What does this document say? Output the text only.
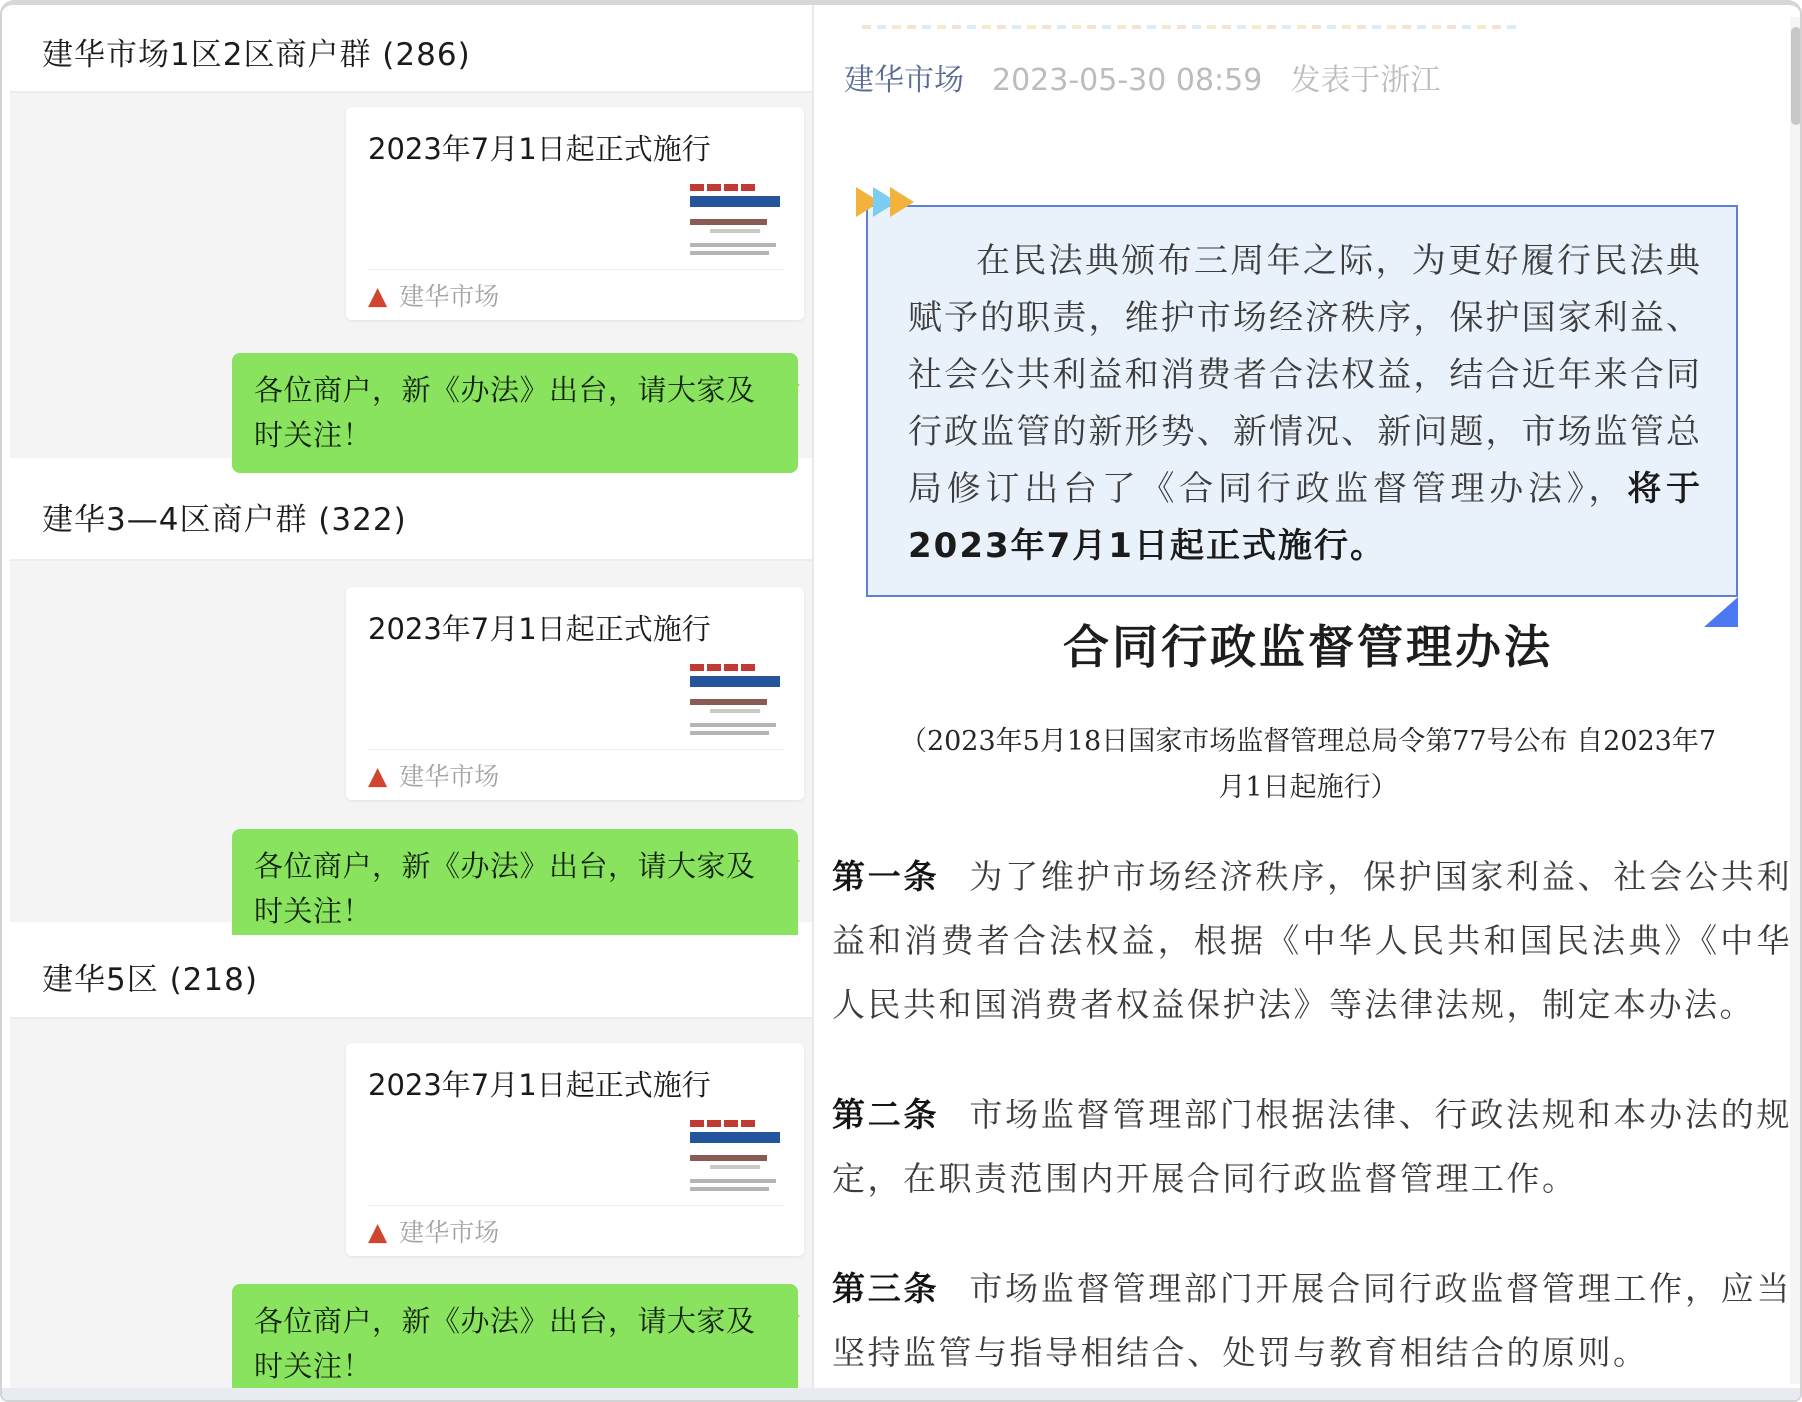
建华市场1区2区商户群 (286)
2023年7月1日起正式施行
▲ 建华市场
各位商户，新《办法》出台，请大家及时关注！
建华3—4区商户群 (322)
2023年7月1日起正式施行
▲ 建华市场
各位商户，新《办法》出台，请大家及时关注！
建华5区 (218)
2023年7月1日起正式施行
▲ 建华市场
各位商户，新《办法》出台，请大家及时关注！
建华市场 2023-05-30 08:59 发表于浙江

在民法典颁布三周年之际，为更好履行民法典赋予的职责，维护市场经济秩序，保护国家利益、社会公共利益和消费者合法权益，结合近年来合同行政监管的新形势、新情况、新问题，市场监管总局修订出台了《合同行政监督管理办法》，将于2023年7月1日起正式施行。

合同行政监督管理办法
（2023年5月18日国家市场监督管理总局令第77号公布 自2023年7
月1日起施行）

第一条 为了维护市场经济秩序，保护国家利益、社会公共利益和消费者合法权益，根据《中华人民共和国民法典》《中华人民共和国消费者权益保护法》等法律法规，制定本办法。

第二条 市场监督管理部门根据法律、行政法规和本办法的规定，在职责范围内开展合同行政监督管理工作。

第三条 市场监督管理部门开展合同行政监督管理工作，应当坚持监管与指导相结合、处罚与教育相结合的原则。
